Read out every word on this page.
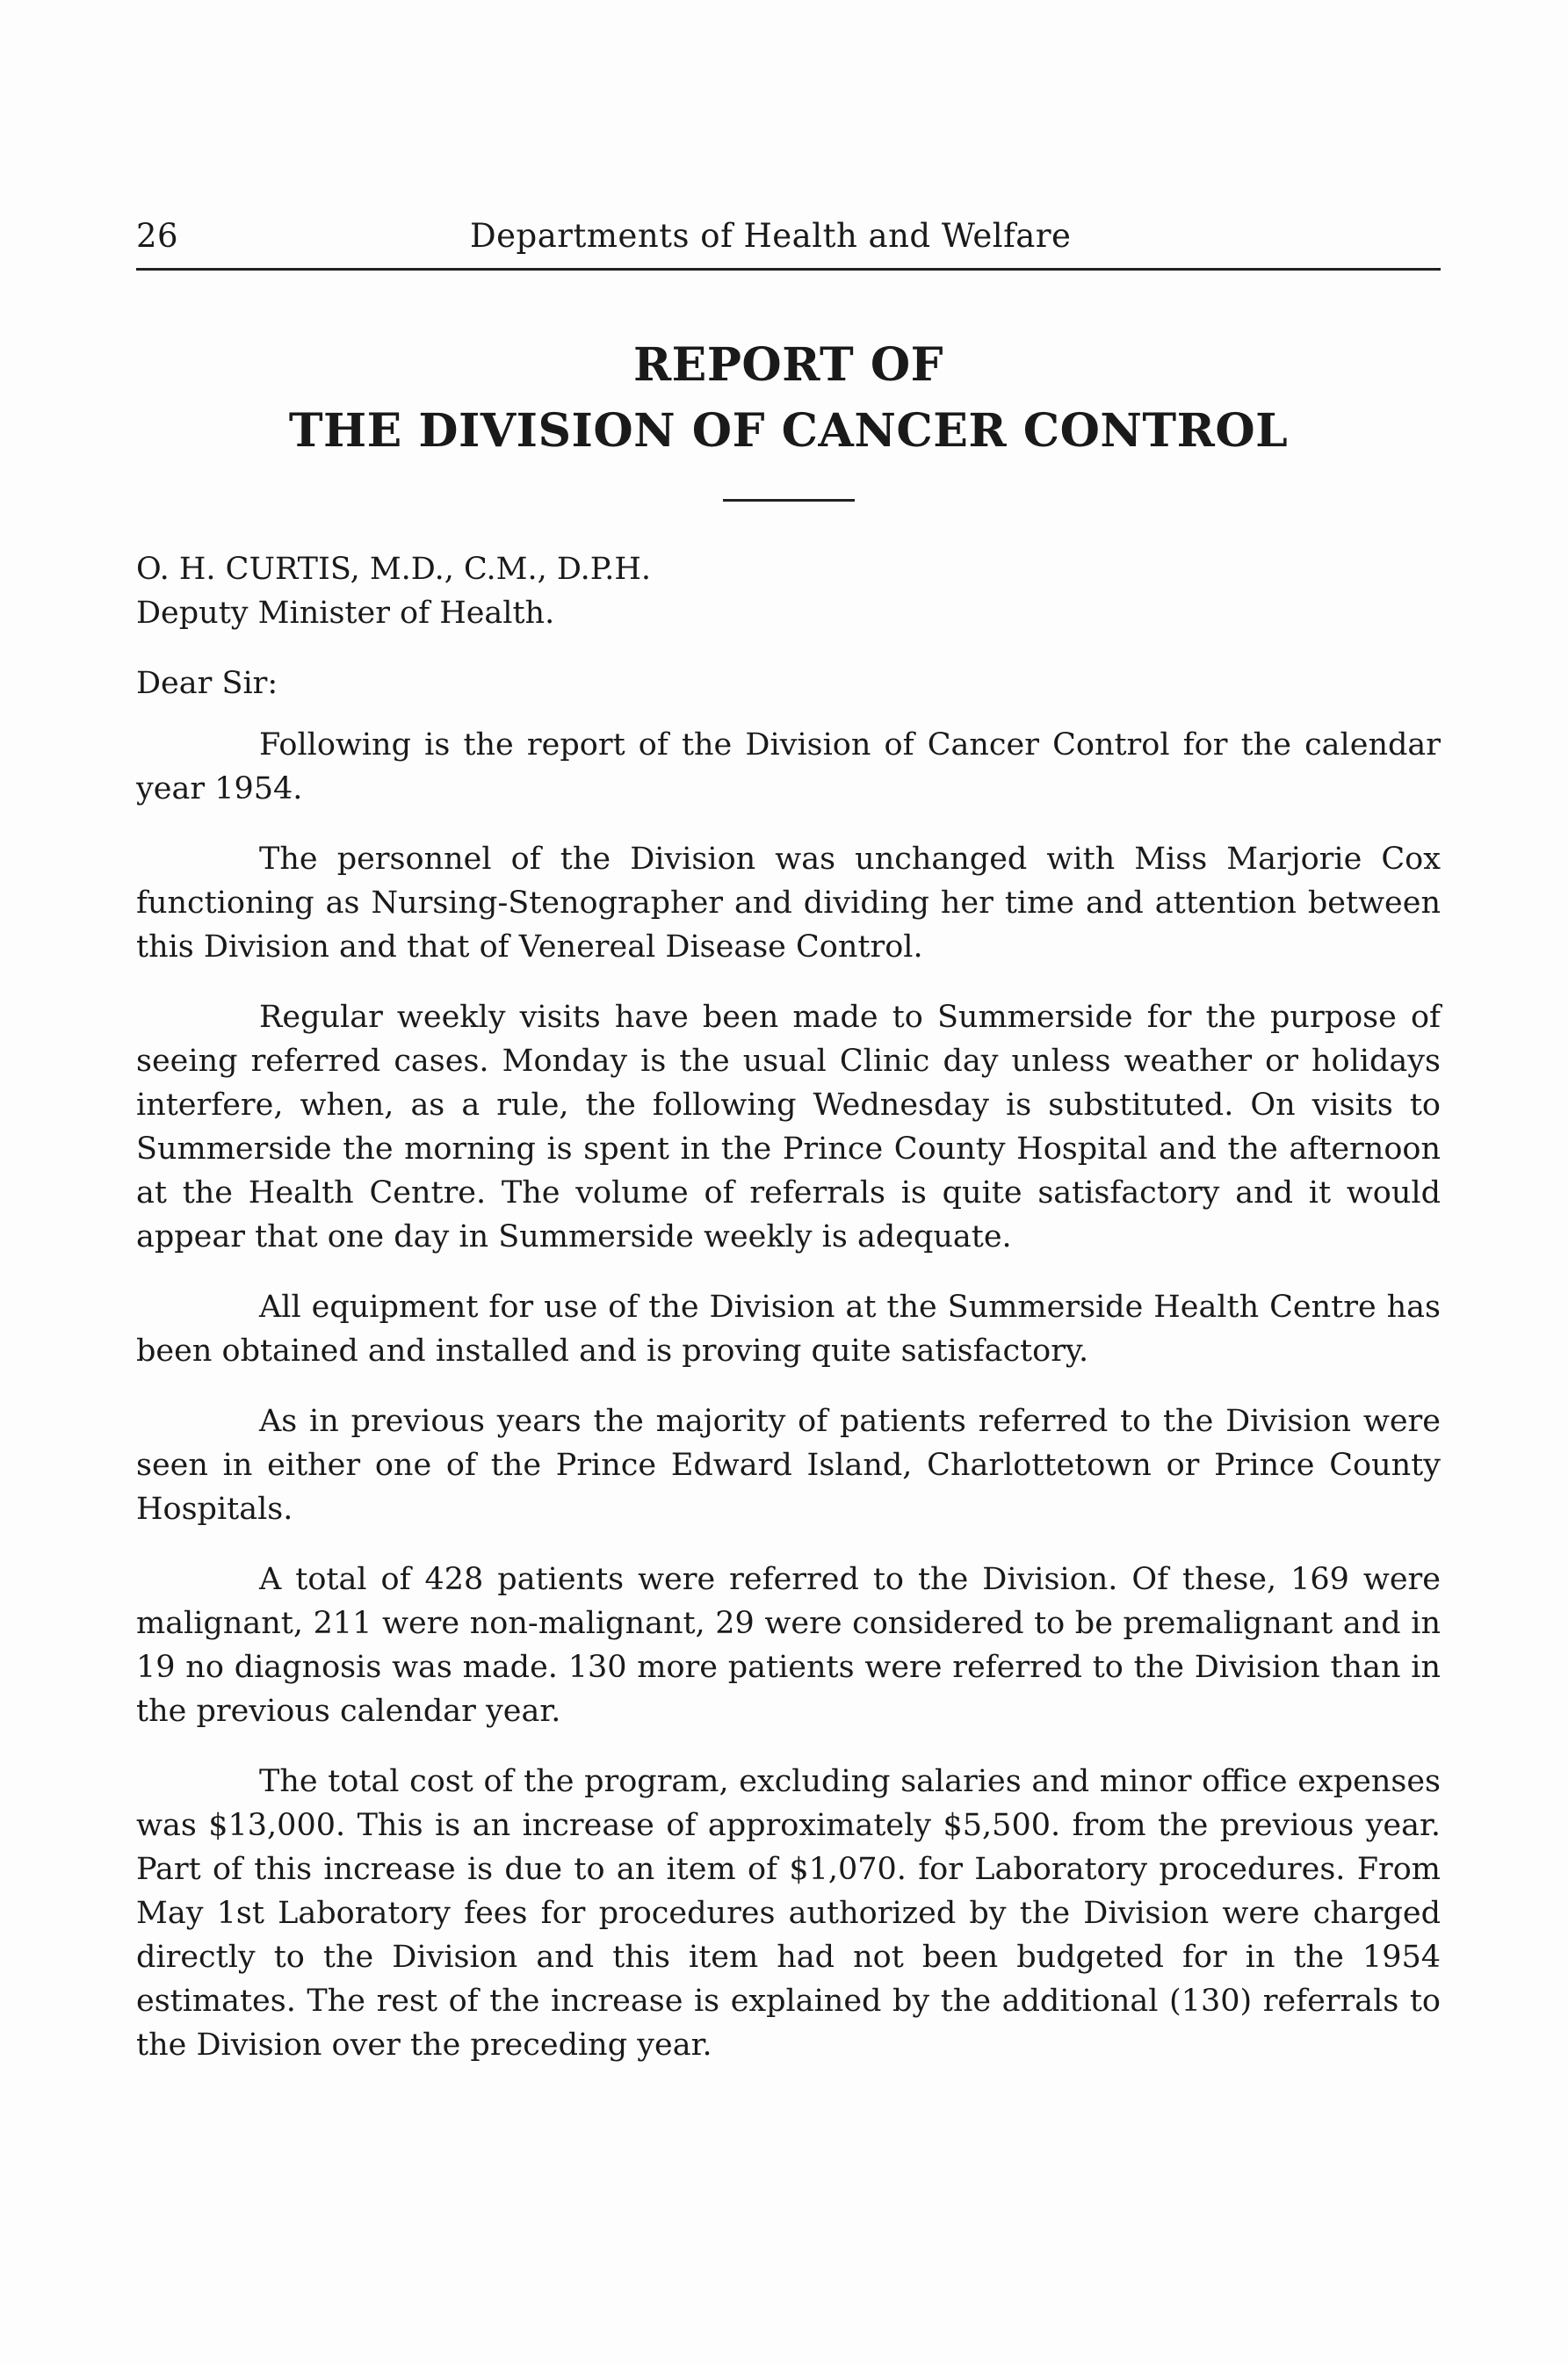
26	Departments of Health and Welfare
REPORT OF
THE DIVISION OF CANCER CONTROL
O. H. CURTIS, M.D., C.M., D.P.H.
Deputy Minister of Health.
Dear Sir:

Following is the report of the Division of Cancer Control for the calendar year 1954.

The personnel of the Division was unchanged with Miss Marjorie Cox functioning as Nursing-Stenographer and dividing her time and attention between this Division and that of Venereal Disease Control.

Regular weekly visits have been made to Summerside for the purpose of seeing referred cases. Monday is the usual Clinic day unless weather or holidays interfere, when, as a rule, the following Wednesday is substituted. On visits to Summerside the morning is spent in the Prince County Hospital and the afternoon at the Health Centre. The volume of referrals is quite satisfactory and it would appear that one day in Summerside weekly is adequate.

All equipment for use of the Division at the Summerside Health Centre has been obtained and installed and is proving quite satisfactory.

As in previous years the majority of patients referred to the Division were seen in either one of the Prince Edward Island, Charlottetown or Prince County Hospitals.

A total of 428 patients were referred to the Division. Of these, 169 were malignant, 211 were non-malignant, 29 were considered to be premalignant and in 19 no diagnosis was made. 130 more patients were referred to the Division than in the previous calendar year.

The total cost of the program, excluding salaries and minor office expenses was $13,000. This is an increase of approximately $5,500. from the previous year. Part of this increase is due to an item of $1,070. for Laboratory procedures. From May 1st Laboratory fees for procedures authorized by the Division were charged directly to the Division and this item had not been budgeted for in the 1954 estimates. The rest of the increase is explained by the additional (130) referrals to the Division over the preceding year.
